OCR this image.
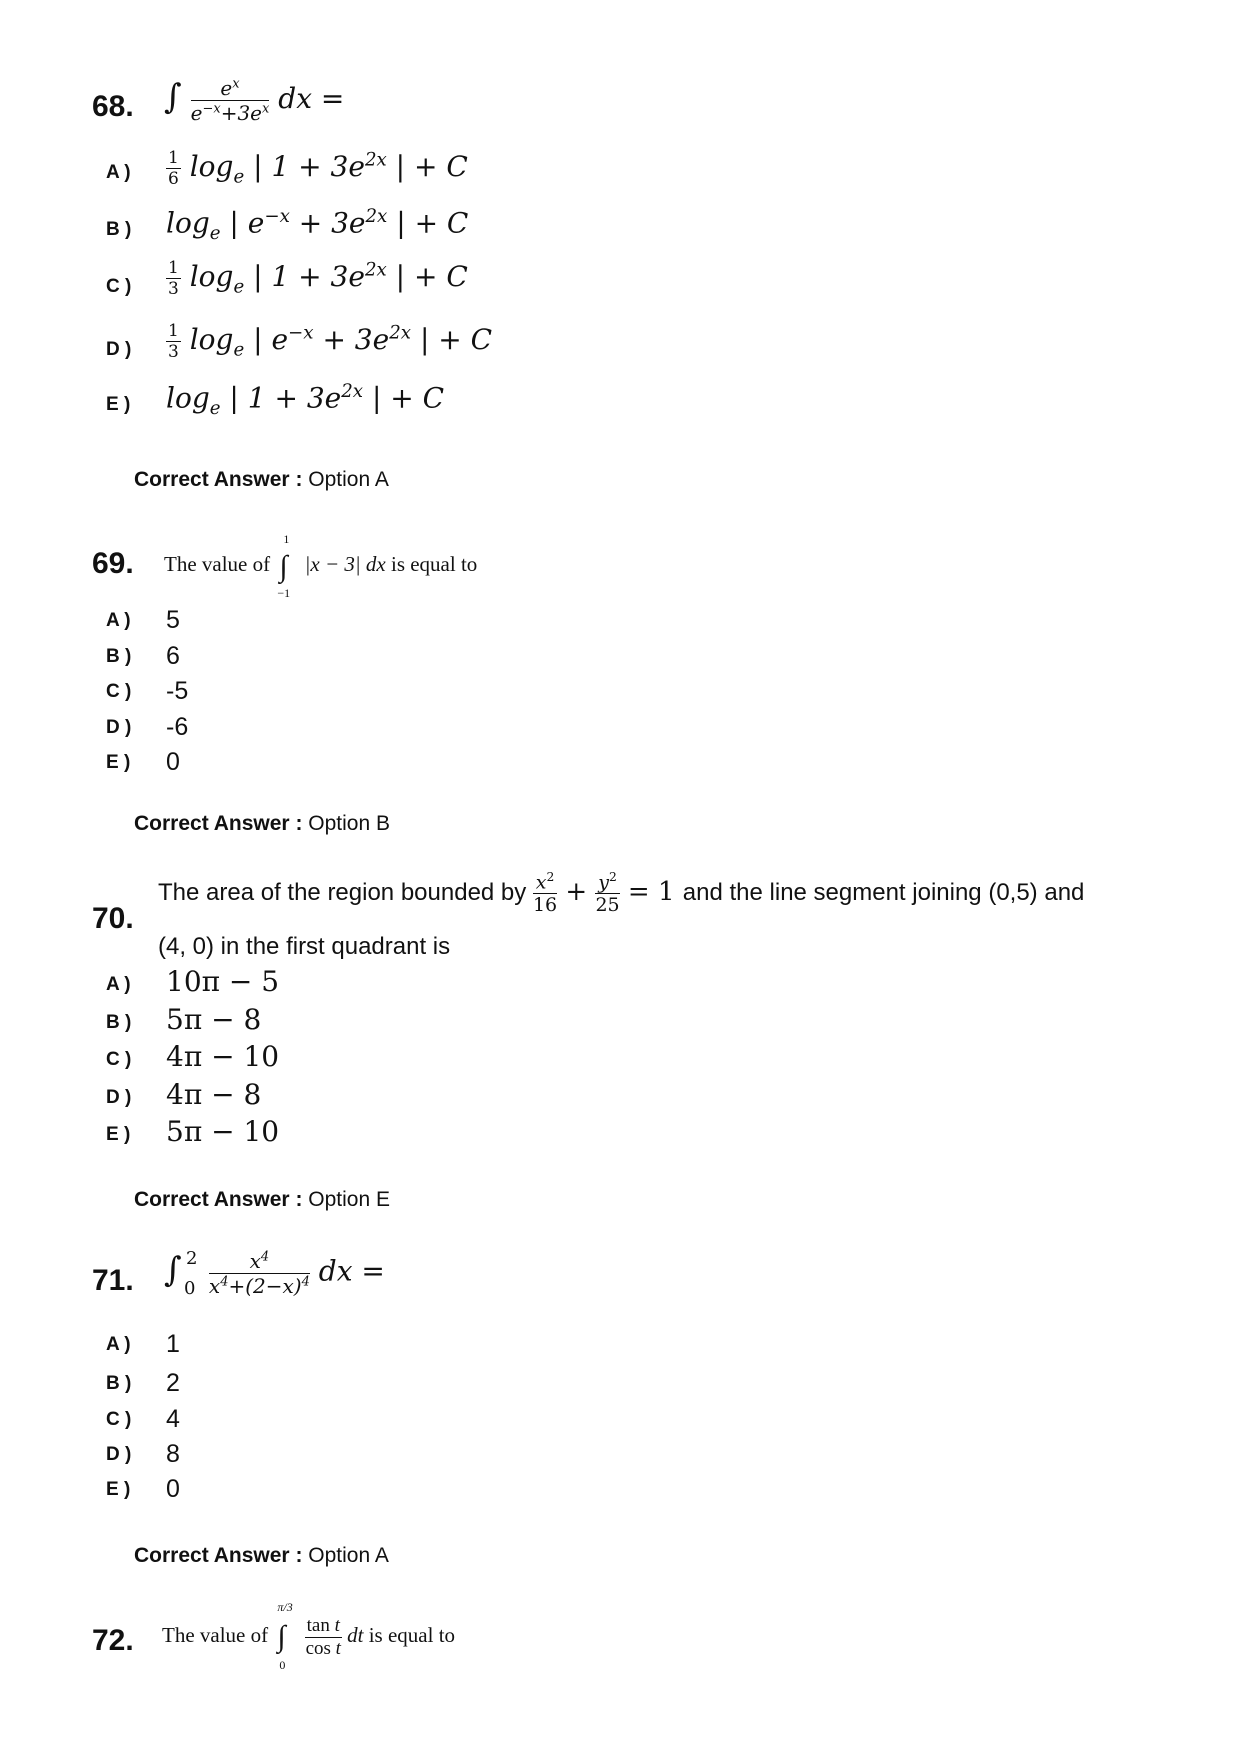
68. ∫ $\frac{e^x}{e^{-x}+3e^x}$ dx =
A ) $\frac{1}{6} \log_e$ | $1 + 3e^{2x}$ | + C
B ) $\log_e$ | $e^{-x} + 3e^{2x}$ | + C
C ) $\frac{1}{3} \log_e$ | $1 + 3e^{2x}$ | + C
D ) $\frac{1}{3} \log_e$ | $e^{-x} + 3e^{2x}$ | + C
E ) $\log_e$ | $1 + 3e^{2x}$ | + C
Correct Answer : Option A
69. The value of
1
∫
−1
|x − 3| dx is equal to
A ) 5
B ) 6
C ) -5
D ) -6
E ) 0
Correct Answer : Option B
70.
The area of the region bounded by $\frac{x^2}{16} + \frac{y^2}{25} = 1$ and the line segment joining (0,5) and
(4, 0) in the first quadrant is
A ) 10π − 5
B ) 5π − 8
C ) 4π − 10
D ) 4π − 8
E ) 5π − 10
Correct Answer : Option E
71. ∫ 2
0
$\frac{x^4}{x^4+(2-x)^4}$ dx =
A ) 1
B ) 2
C ) 4
D ) 8
E ) 0
Correct Answer : Option A
72. The value of
π/3
∫
0

$\frac{\text{tan t}}{\text{cos t}}$ dt is equal to
